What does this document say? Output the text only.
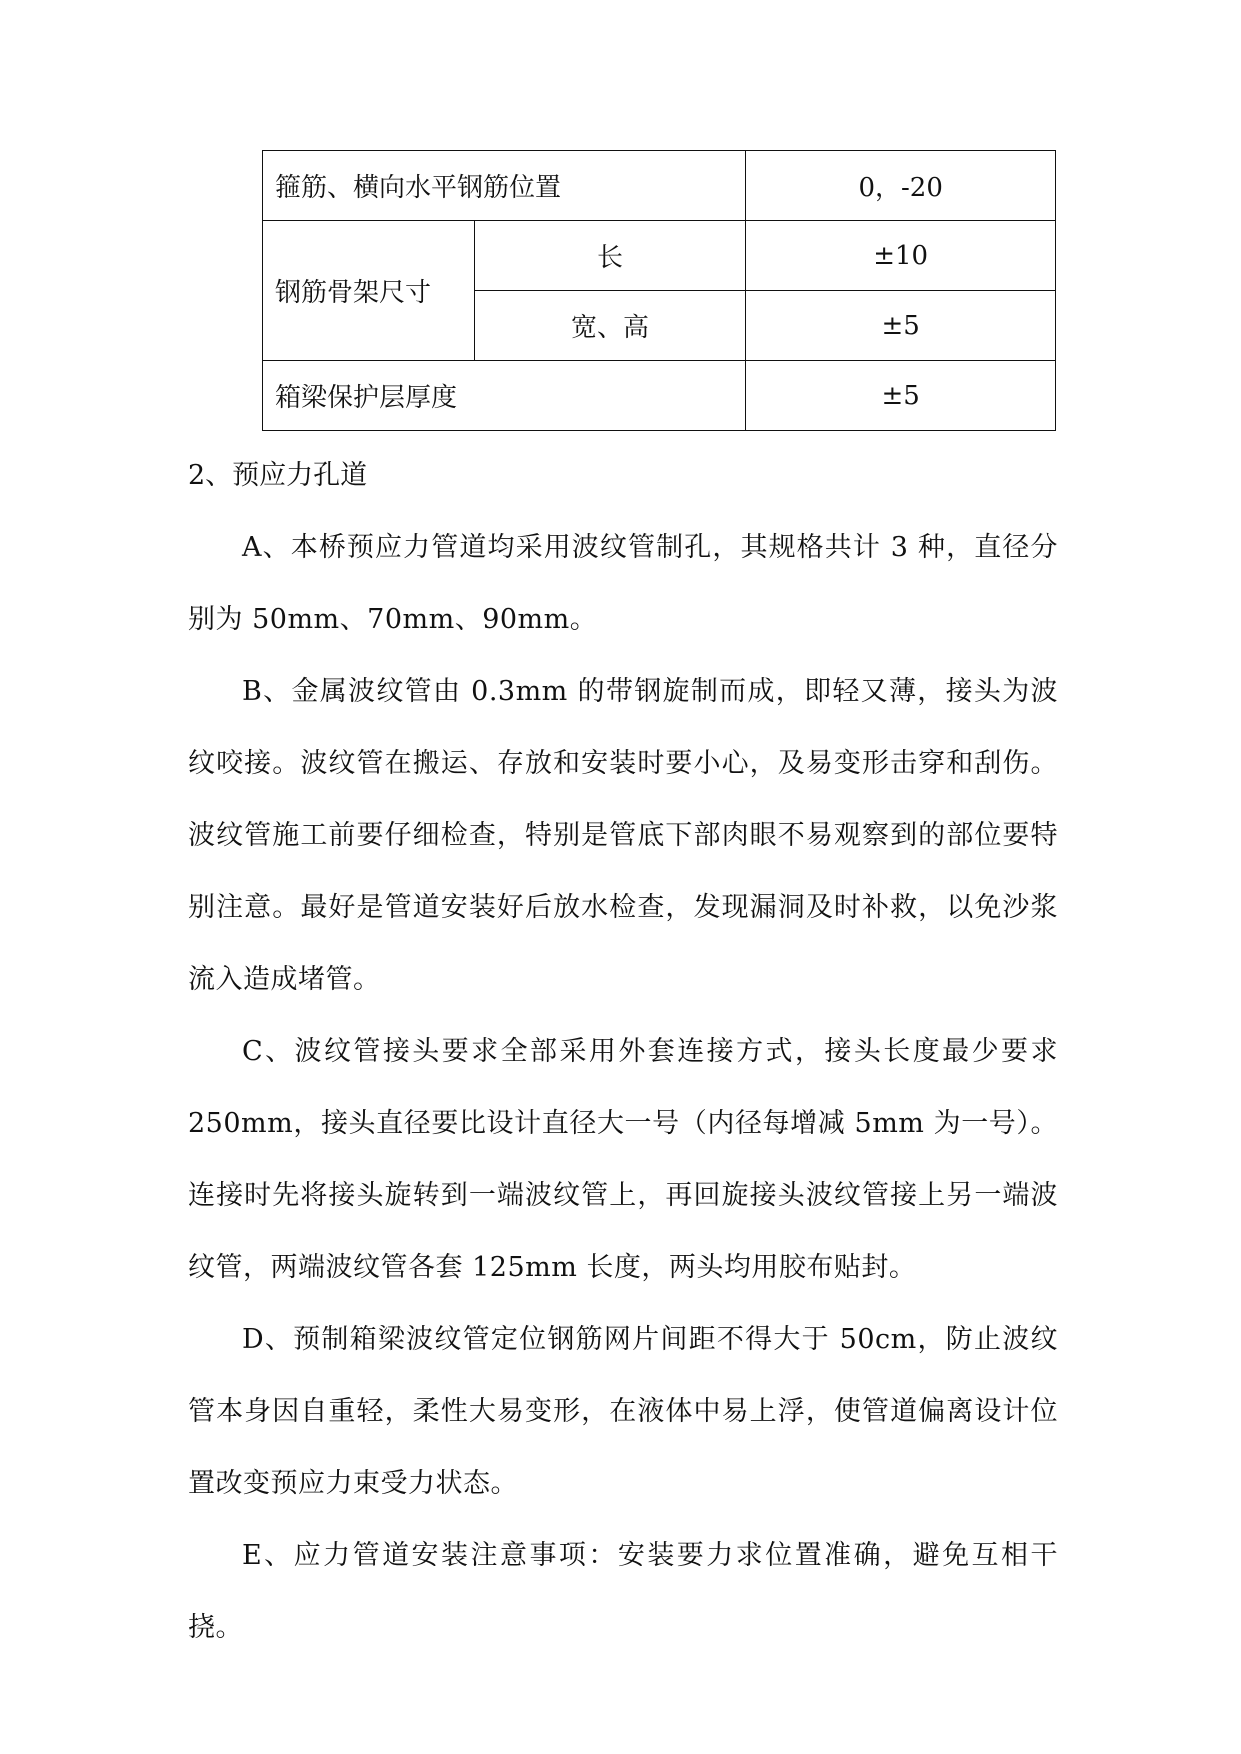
箍筋、横向水平钢筋位置		0，-20
钢筋骨架尺寸	长	±10
	宽、高	±5
箱梁保护层厚度		±5
2、预应力孔道

A、本桥预应力管道均采用波纹管制孔，其规格共计 3 种，直径分别为 50mm、70mm、90mm。

B、金属波纹管由 0.3mm 的带钢旋制而成，即轻又薄，接头为波纹咬接。波纹管在搬运、存放和安装时要小心，及易变形击穿和刮伤。波纹管施工前要仔细检查，特别是管底下部肉眼不易观察到的部位要特别注意。最好是管道安装好后放水检查，发现漏洞及时补救，以免沙浆流入造成堵管。

C、波纹管接头要求全部采用外套连接方式，接头长度最少要求 250mm，接头直径要比设计直径大一号（内径每增减 5mm 为一号）。连接时先将接头旋转到一端波纹管上，再回旋接头波纹管接上另一端波纹管，两端波纹管各套 125mm 长度，两头均用胶布贴封。

D、预制箱梁波纹管定位钢筋网片间距不得大于 50cm，防止波纹管本身因自重轻，柔性大易变形，在液体中易上浮，使管道偏离设计位置改变预应力束受力状态。

E、应力管道安装注意事项：安装要力求位置准确，避免互相干挠。
